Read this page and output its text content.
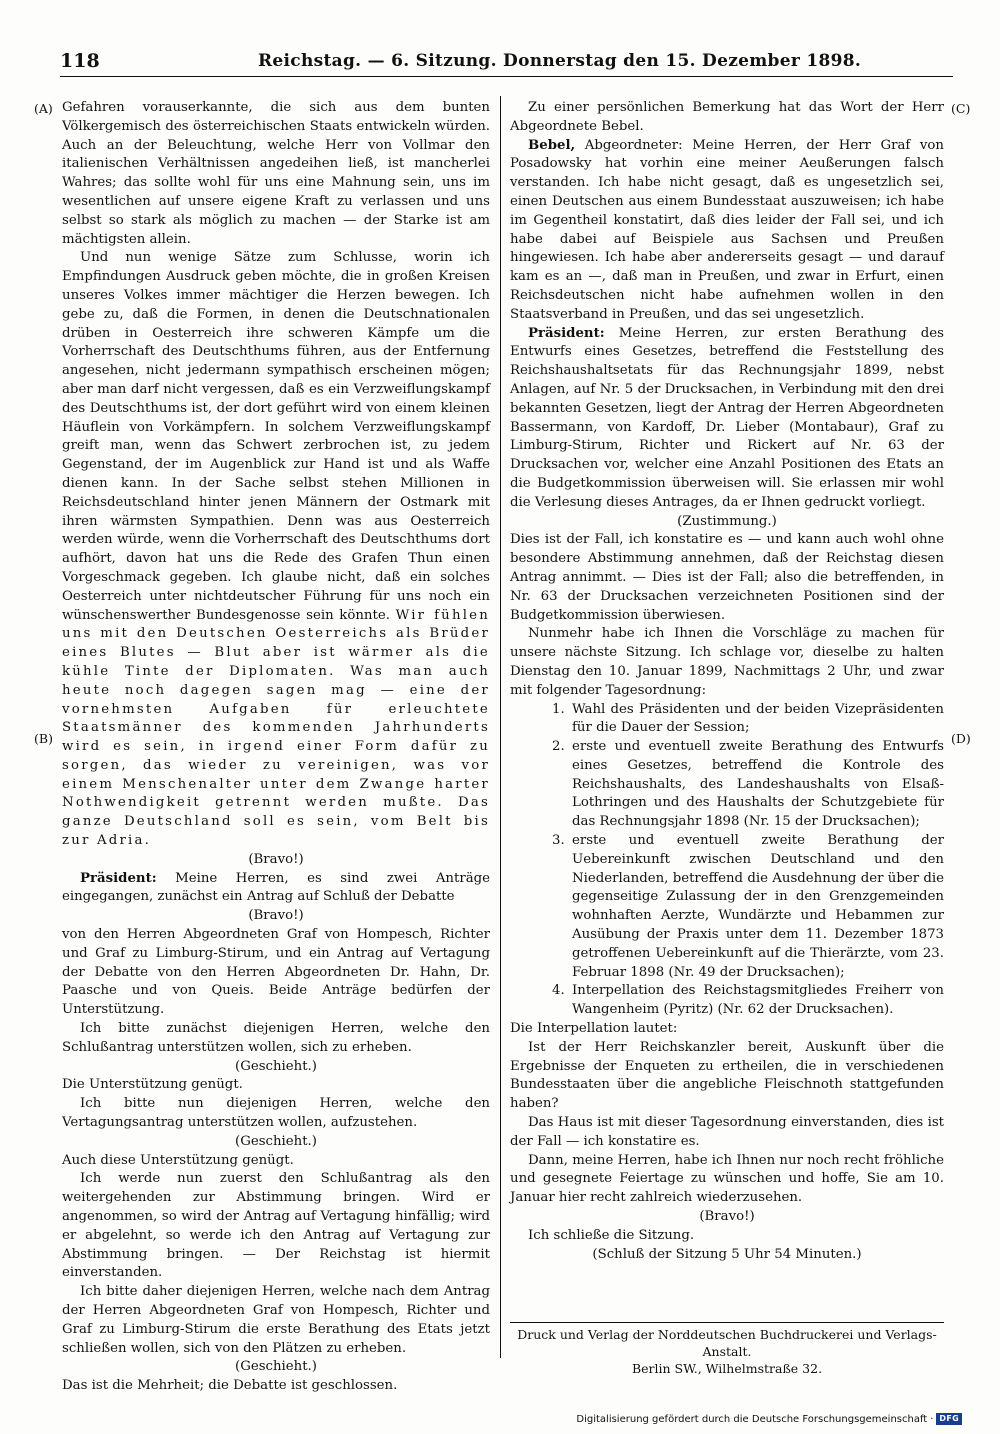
118	Reichstag. — 6. Sitzung. Donnerstag den 15. Dezember 1898.
(A)
(B)
(C)
(D)

Gefahren vorauserkannte, die sich aus dem bunten Völkergemisch des österreichischen Staats entwickeln würden. Auch an der Beleuchtung, welche Herr von Vollmar den italienischen Verhältnissen angedeihen ließ, ist mancherlei Wahres; das sollte wohl für uns eine Mahnung sein, uns im wesentlichen auf unsere eigene Kraft zu verlassen und uns selbst so stark als möglich zu machen — der Starke ist am mächtigsten allein.

Und nun wenige Sätze zum Schlusse, worin ich Empfindungen Ausdruck geben möchte, die in großen Kreisen unseres Volkes immer mächtiger die Herzen bewegen. Ich gebe zu, daß die Formen, in denen die Deutschnationalen drüben in Oesterreich ihre schweren Kämpfe um die Vorherrschaft des Deutschthums führen, aus der Entfernung angesehen, nicht jedermann sympathisch erscheinen mögen; aber man darf nicht vergessen, daß es ein Verzweiflungskampf des Deutschthums ist, der dort geführt wird von einem kleinen Häuflein von Vorkämpfern. In solchem Verzweiflungskampf greift man, wenn das Schwert zerbrochen ist, zu jedem Gegenstand, der im Augenblick zur Hand ist und als Waffe dienen kann. In der Sache selbst stehen Millionen in Reichsdeutschland hinter jenen Männern der Ostmark mit ihren wärmsten Sympathien. Denn was aus Oesterreich werden würde, wenn die Vorherrschaft des Deutschthums dort aufhört, davon hat uns die Rede des Grafen Thun einen Vorgeschmack gegeben. Ich glaube nicht, daß ein solches Oesterreich unter nichtdeutscher Führung für uns noch ein wünschenswerther Bundesgenosse sein könnte. Wir fühlen uns mit den Deutschen Oesterreichs als Brüder eines Blutes — Blut aber ist wärmer als die kühle Tinte der Diplomaten. Was man auch heute noch dagegen sagen mag — eine der vornehmsten Aufgaben für erleuchtete Staatsmänner des kommenden Jahrhunderts wird es sein, in irgend einer Form dafür zu sorgen, das wieder zu vereinigen, was vor einem Menschenalter unter dem Zwange harter Nothwendigkeit getrennt werden mußte. Das ganze Deutschland soll es sein, vom Belt bis zur Adria.

(Bravo!)

Präsident: Meine Herren, es sind zwei Anträge eingegangen, zunächst ein Antrag auf Schluß der Debatte

(Bravo!)

von den Herren Abgeordneten Graf von Hompesch, Richter und Graf zu Limburg-Stirum, und ein Antrag auf Vertagung der Debatte von den Herren Abgeordneten Dr. Hahn, Dr. Paasche und von Queis. Beide Anträge bedürfen der Unterstützung.

Ich bitte zunächst diejenigen Herren, welche den Schlußantrag unterstützen wollen, sich zu erheben.

(Geschieht.)

Die Unterstützung genügt.

Ich bitte nun diejenigen Herren, welche den Vertagungsantrag unterstützen wollen, aufzustehen.

(Geschieht.)

Auch diese Unterstützung genügt.

Ich werde nun zuerst den Schlußantrag als den weitergehenden zur Abstimmung bringen. Wird er angenommen, so wird der Antrag auf Vertagung hinfällig; wird er abgelehnt, so werde ich den Antrag auf Vertagung zur Abstimmung bringen. — Der Reichstag ist hiermit einverstanden.

Ich bitte daher diejenigen Herren, welche nach dem Antrag der Herren Abgeordneten Graf von Hompesch, Richter und Graf zu Limburg-Stirum die erste Berathung des Etats jetzt schließen wollen, sich von den Plätzen zu erheben.

(Geschieht.)

Das ist die Mehrheit; die Debatte ist geschlossen.

Zu einer persönlichen Bemerkung hat das Wort der Herr Abgeordnete Bebel.

Bebel, Abgeordneter: Meine Herren, der Herr Graf von Posadowsky hat vorhin eine meiner Aeußerungen falsch verstanden. Ich habe nicht gesagt, daß es ungesetzlich sei, einen Deutschen aus einem Bundesstaat auszuweisen; ich habe im Gegentheil konstatirt, daß dies leider der Fall sei, und ich habe dabei auf Beispiele aus Sachsen und Preußen hingewiesen. Ich habe aber andererseits gesagt — und darauf kam es an —, daß man in Preußen, und zwar in Erfurt, einen Reichsdeutschen nicht habe aufnehmen wollen in den Staatsverband in Preußen, und das sei ungesetzlich.

Präsident: Meine Herren, zur ersten Berathung des Entwurfs eines Gesetzes, betreffend die Feststellung des Reichshaushaltsetats für das Rechnungsjahr 1899, nebst Anlagen, auf Nr. 5 der Drucksachen, in Verbindung mit den drei bekannten Gesetzen, liegt der Antrag der Herren Abgeordneten Bassermann, von Kardoff, Dr. Lieber (Montabaur), Graf zu Limburg-Stirum, Richter und Rickert auf Nr. 63 der Drucksachen vor, welcher eine Anzahl Positionen des Etats an die Budgetkommission überweisen will. Sie erlassen mir wohl die Verlesung dieses Antrages, da er Ihnen gedruckt vorliegt.

(Zustimmung.)

Dies ist der Fall, ich konstatire es — und kann auch wohl ohne besondere Abstimmung annehmen, daß der Reichstag diesen Antrag annimmt. — Dies ist der Fall; also die betreffenden, in Nr. 63 der Drucksachen verzeichneten Positionen sind der Budgetkommission überwiesen.

Nunmehr habe ich Ihnen die Vorschläge zu machen für unsere nächste Sitzung. Ich schlage vor, dieselbe zu halten Dienstag den 10. Januar 1899, Nachmittags 2 Uhr, und zwar mit folgender Tagesordnung:

1. Wahl des Präsidenten und der beiden Vizepräsidenten für die Dauer der Session;
2. erste und eventuell zweite Berathung des Entwurfs eines Gesetzes, betreffend die Kontrole des Reichshaushalts, des Landeshaushalts von Elsaß-Lothringen und des Haushalts der Schutzgebiete für das Rechnungsjahr 1898 (Nr. 15 der Drucksachen);
3. erste und eventuell zweite Berathung der Uebereinkunft zwischen Deutschland und den Niederlanden, betreffend die Ausdehnung der über die gegenseitige Zulassung der in den Grenzgemeinden wohnhaften Aerzte, Wundärzte und Hebammen zur Ausübung der Praxis unter dem 11. Dezember 1873 getroffenen Uebereinkunft auf die Thierärzte, vom 23. Februar 1898 (Nr. 49 der Drucksachen);
4. Interpellation des Reichstagsmitgliedes Freiherr von Wangenheim (Pyritz) (Nr. 62 der Drucksachen).

Die Interpellation lautet:

Ist der Herr Reichskanzler bereit, Auskunft über die Ergebnisse der Enqueten zu ertheilen, die in verschiedenen Bundesstaaten über die angebliche Fleischnoth stattgefunden haben?

Das Haus ist mit dieser Tagesordnung einverstanden, dies ist der Fall — ich konstatire es.

Dann, meine Herren, habe ich Ihnen nur noch recht fröhliche und gesegnete Feiertage zu wünschen und hoffe, Sie am 10. Januar hier recht zahlreich wiederzusehen.

(Bravo!)

Ich schließe die Sitzung.

(Schluß der Sitzung 5 Uhr 54 Minuten.)

Druck und Verlag der Norddeutschen Buchdruckerei und Verlags-Anstalt.
Berlin SW., Wilhelmstraße 32.
Digitalisierung gefördert durch die Deutsche Forschungsgemeinschaft · DFG
